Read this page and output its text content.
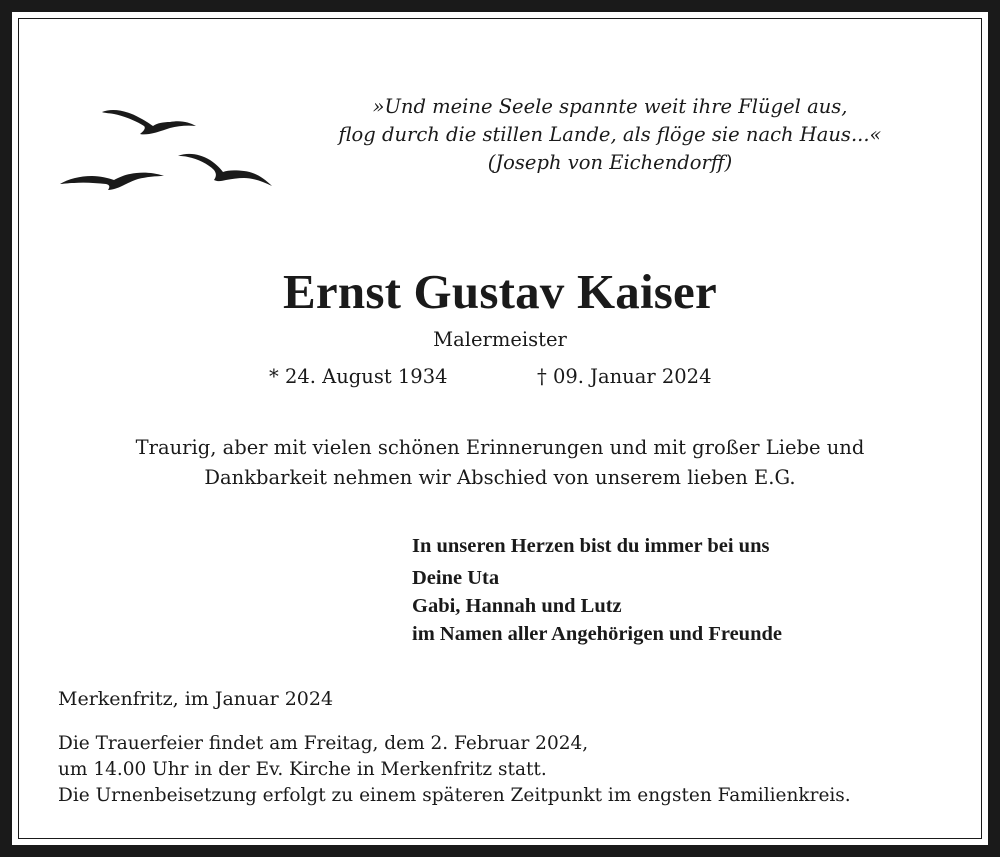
»Und meine Seele spannte weit ihre Flügel aus,
flog durch die stillen Lande, als flöge sie nach Haus...«
(Joseph von Eichendorff)
Ernst Gustav Kaiser
Malermeister
* 24. August 1934	† 09. Januar 2024
Traurig, aber mit vielen schönen Erinnerungen und mit großer Liebe und
Dankbarkeit nehmen wir Abschied von unserem lieben E.G.
In unseren Herzen bist du immer bei uns
Deine Uta
Gabi, Hannah und Lutz
im Namen aller Angehörigen und Freunde
Merkenfritz, im Januar 2024
Die Trauerfeier findet am Freitag, dem 2. Februar 2024,
um 14.00 Uhr in der Ev. Kirche in Merkenfritz statt.
Die Urnenbeisetzung erfolgt zu einem späteren Zeitpunkt im engsten Familienkreis.
